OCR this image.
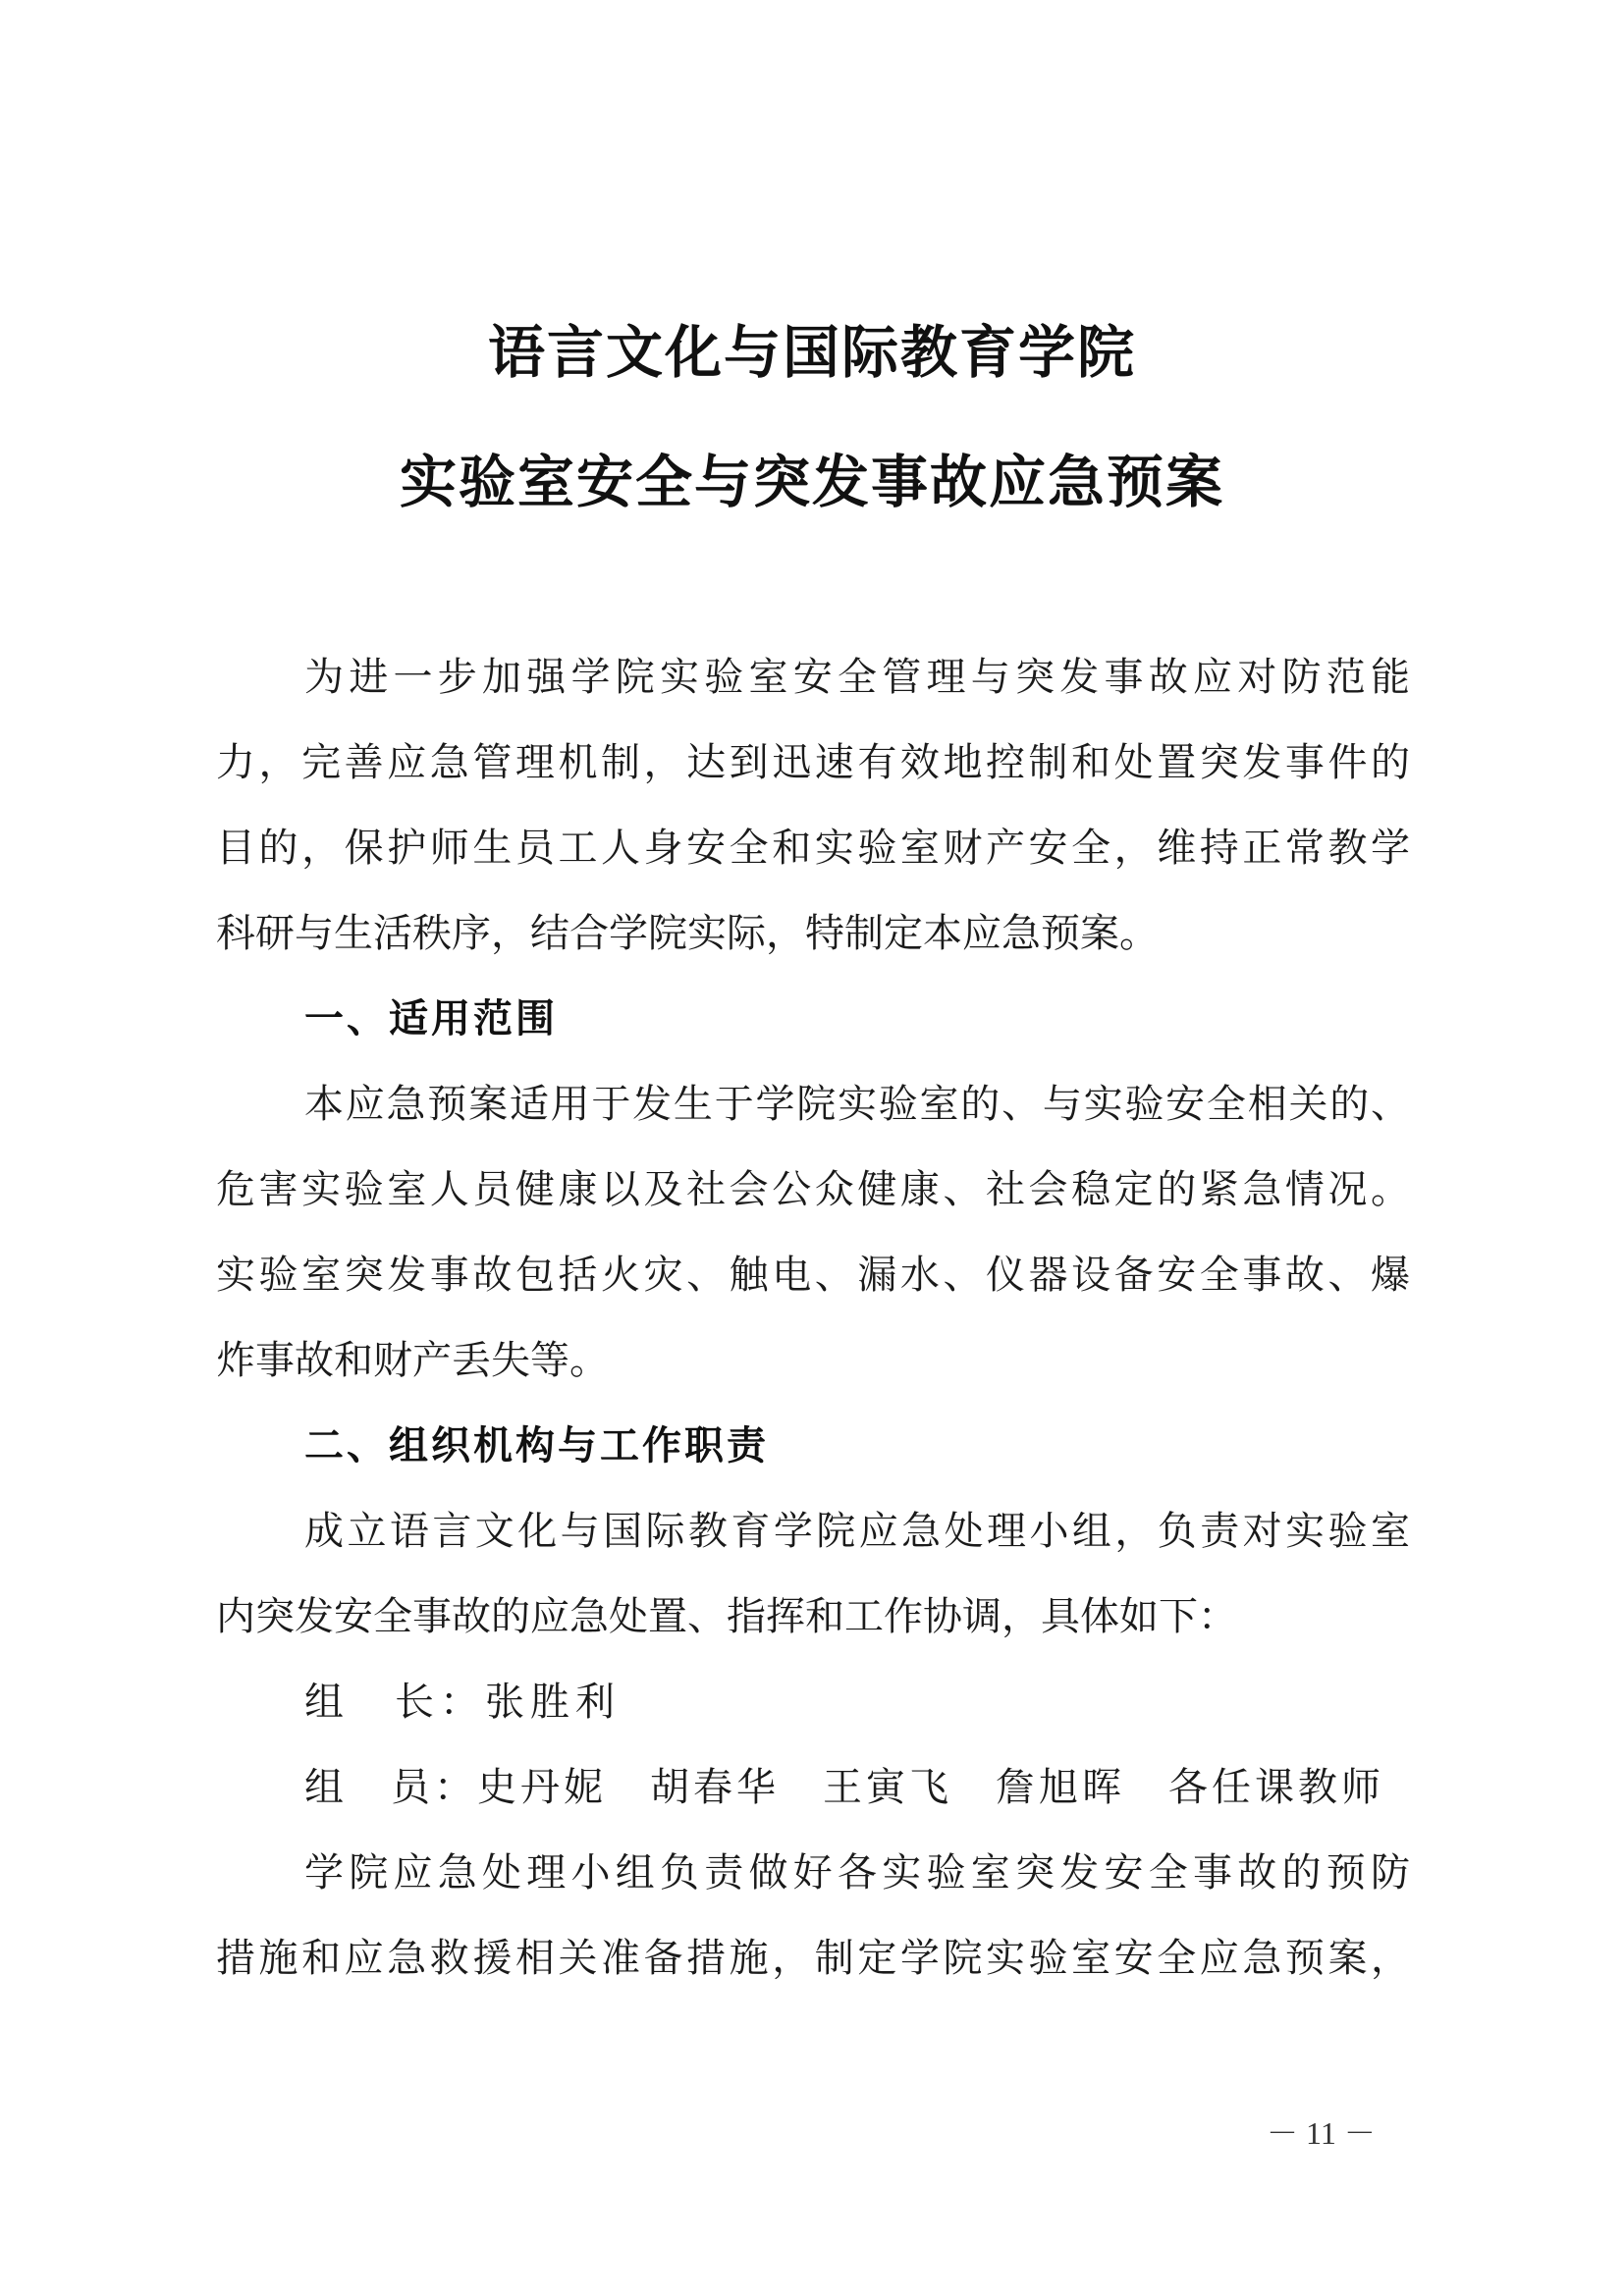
语言文化与国际教育学院
实验室安全与突发事故应急预案
为进一步加强学院实验室安全管理与突发事故应对防范能
力，完善应急管理机制，达到迅速有效地控制和处置突发事件的
目的，保护师生员工人身安全和实验室财产安全，维持正常教学
科研与生活秩序，结合学院实际，特制定本应急预案。
一、适用范围
本应急预案适用于发生于学院实验室的、与实验安全相关的、
危害实验室人员健康以及社会公众健康、社会稳定的紧急情况。
实验室突发事故包括火灾、触电、漏水、仪器设备安全事故、爆
炸事故和财产丢失等。
二、组织机构与工作职责
成立语言文化与国际教育学院应急处理小组，负责对实验室
内突发安全事故的应急处置、指挥和工作协调，具体如下：
组　长：张胜利
组　员：史丹妮　胡春华　王寅飞　詹旭晖　各任课教师
学院应急处理小组负责做好各实验室突发安全事故的预防
措施和应急救援相关准备措施，制定学院实验室安全应急预案，
－ 11 －
